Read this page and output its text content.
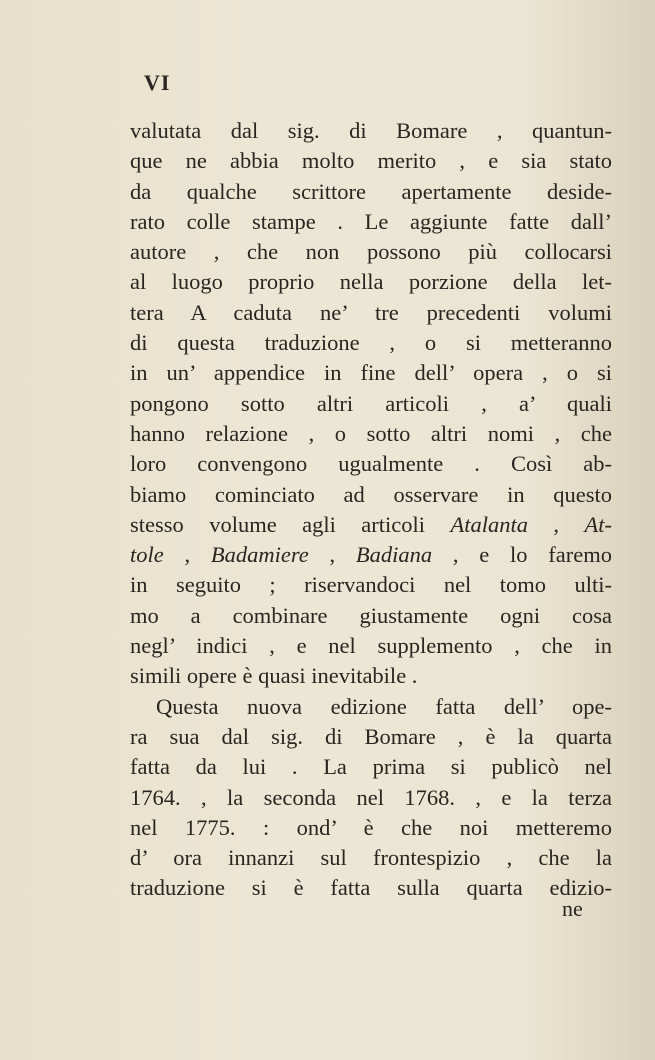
VI
valutata dal sig. di Bomare , quantun-
que ne abbia molto merito , e sia stato
da qualche scrittore apertamente deside-
rato colle stampe . Le aggiunte fatte dall’
autore , che non possono più collocarsi
al luogo proprio nella porzione della let-
tera A caduta ne’ tre precedenti volumi
di questa traduzione , o si metteranno
in un’ appendice in fine dell’ opera , o si
pongono sotto altri articoli , a’ quali
hanno relazione , o sotto altri nomi , che
loro convengono ugualmente . Così ab-
biamo cominciato ad osservare in questo
stesso volume agli articoli Atalanta , At-
tole , Badamiere , Badiana , e lo faremo
in seguito ; riservandoci nel tomo ulti-
mo a combinare giustamente ogni cosa
negl’ indici , e nel supplemento , che in
simili opere è quasi inevitabile .
Questa nuova edizione fatta dell’ ope-
ra sua dal sig. di Bomare , è la quarta
fatta da lui . La prima si publicò nel
1764. , la seconda nel 1768. , e la terza
nel 1775. : ond’ è che noi metteremo
d’ ora innanzi sul frontespizio , che la
traduzione si è fatta sulla quarta edizio-
ne
